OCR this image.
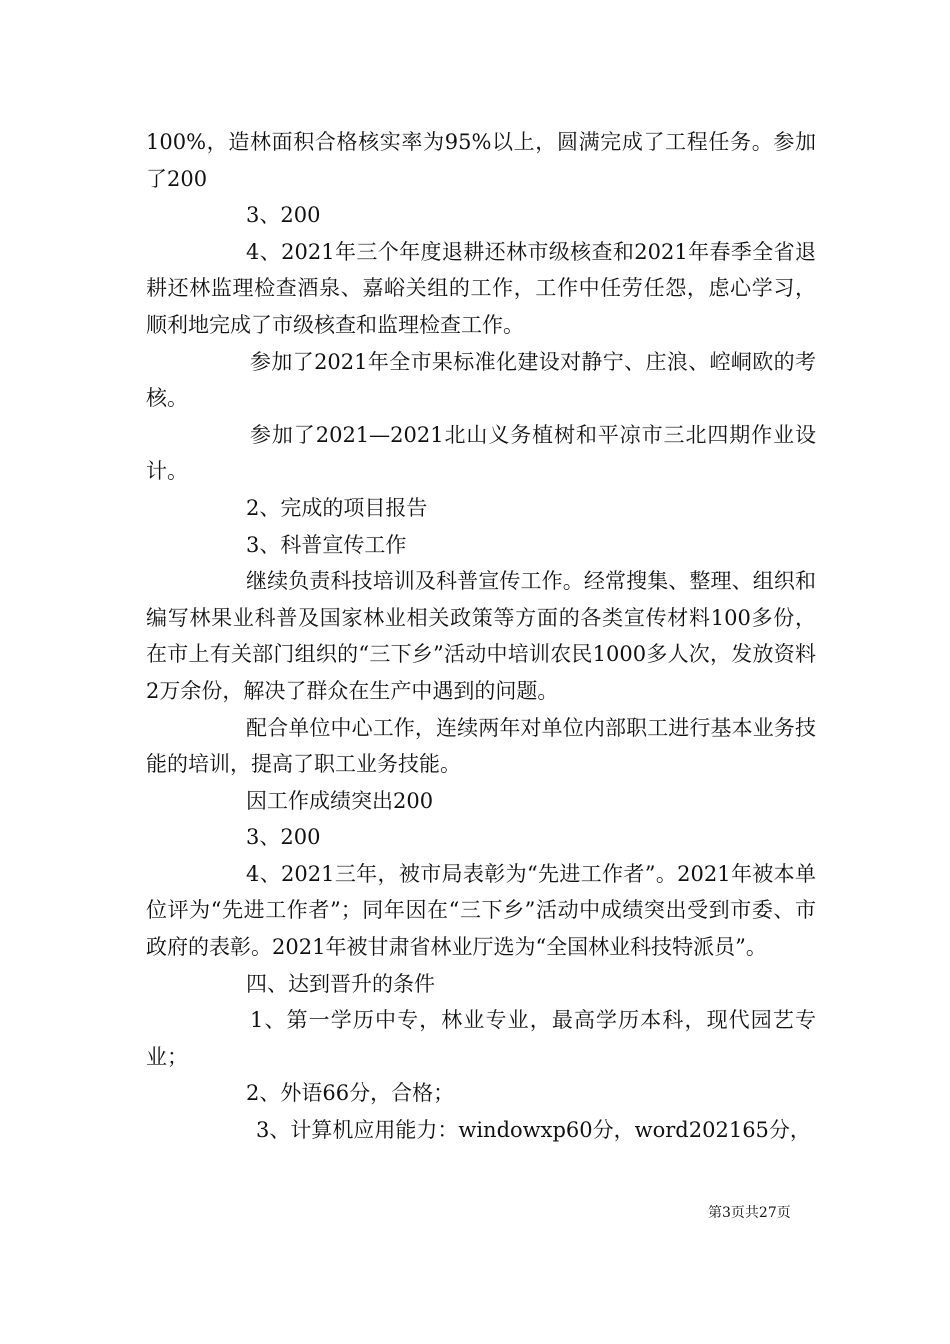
100%，造林面积合格核实率为95%以上，圆满完成了工程任务。参加了200

3、200

4、2021年三个年度退耕还林市级核查和2021年春季全省退耕还林监理检查酒泉、嘉峪关组的工作，工作中任劳任怨，虑心学习，顺利地完成了市级核查和监理检查工作。

参加了2021年全市果标准化建设对静宁、庄浪、崆峒欧的考核。

参加了2021—2021北山义务植树和平凉市三北四期作业设计。

2、完成的项目报告

3、科普宣传工作

继续负责科技培训及科普宣传工作。经常搜集、整理、组织和编写林果业科普及国家林业相关政策等方面的各类宣传材料100多份，在市上有关部门组织的“三下乡”活动中培训农民1000多人次，发放资料2万余份，解决了群众在生产中遇到的问题。

配合单位中心工作，连续两年对单位内部职工进行基本业务技能的培训，提高了职工业务技能。

因工作成绩突出200

3、200

4、2021三年，被市局表彰为“先进工作者”。2021年被本单位评为“先进工作者”；同年因在“三下乡”活动中成绩突出受到市委、市政府的表彰。2021年被甘肃省林业厅选为“全国林业科技特派员”。

四、达到晋升的条件

1、第一学历中专，林业专业，最高学历本科，现代园艺专业；

2、外语66分，合格；

3、计算机应用能力：windowxp60分，word202165分，

第3页共27页
